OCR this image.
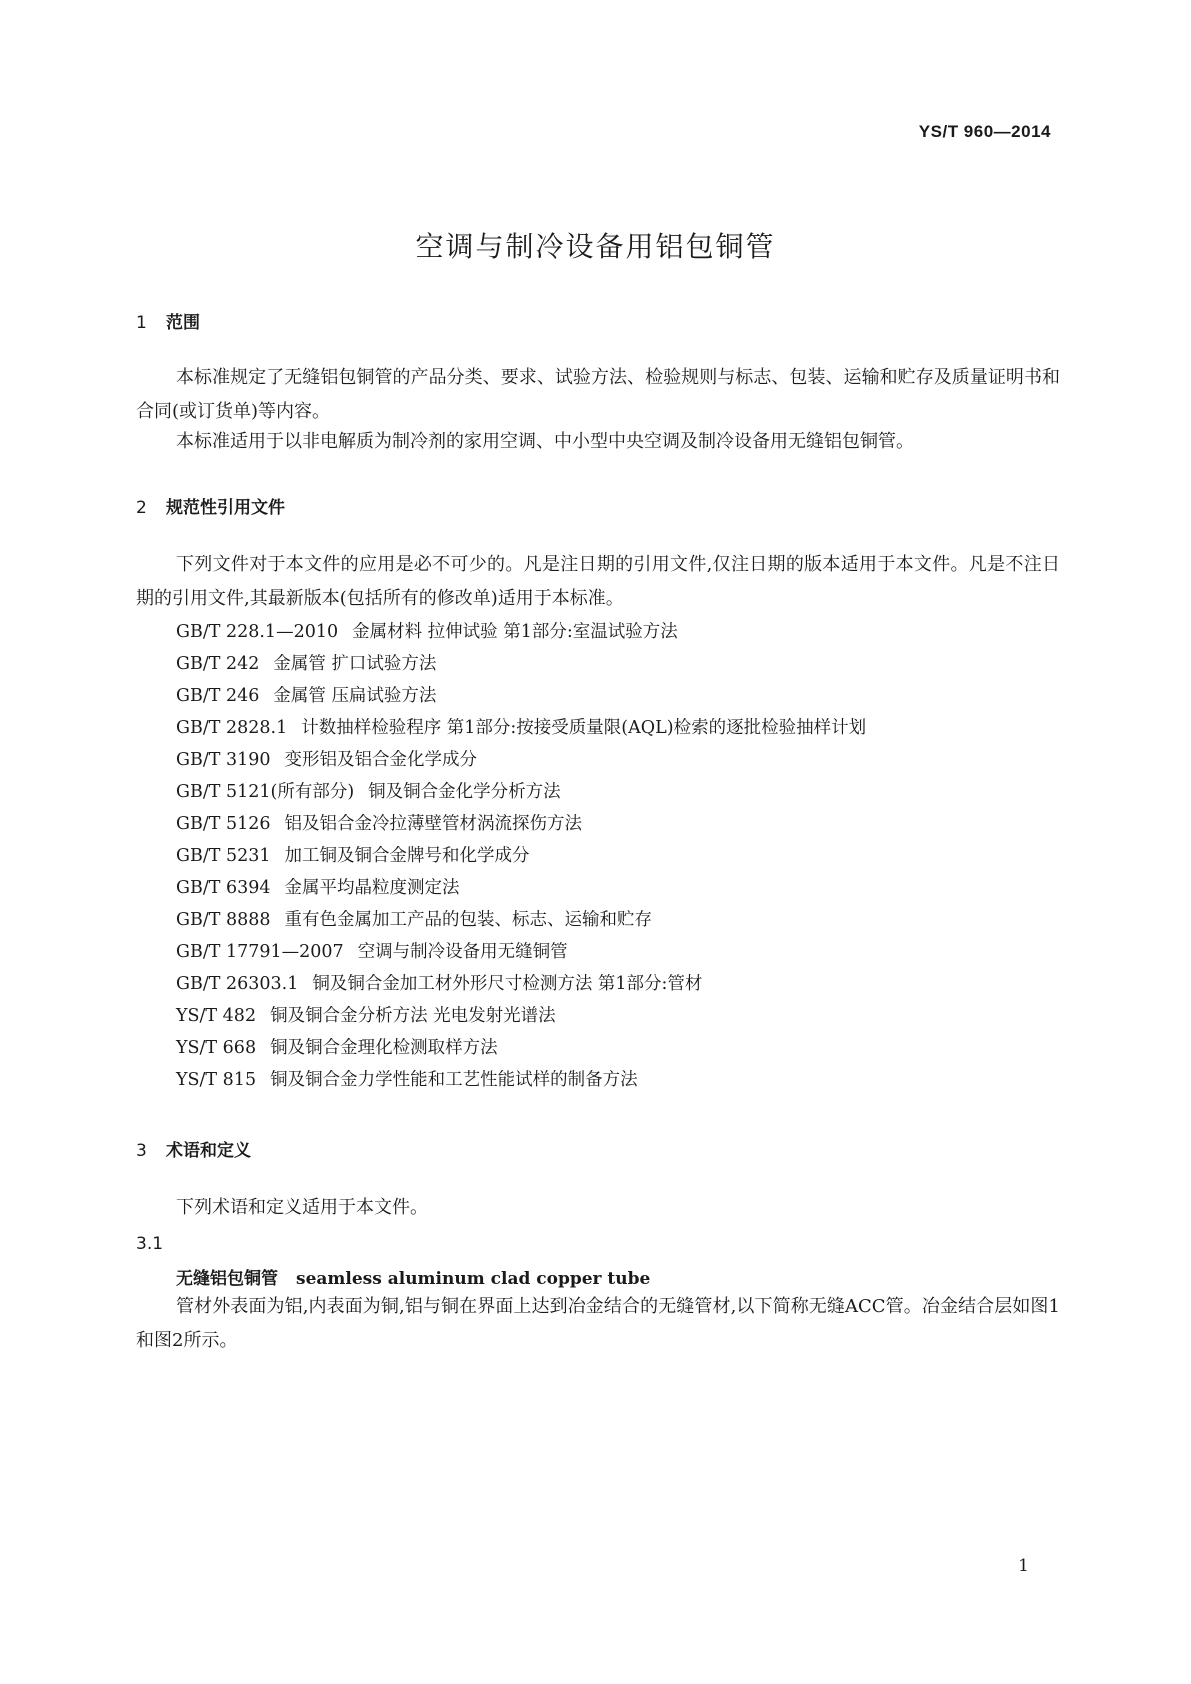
YS/T 960—2014
空调与制冷设备用铝包铜管
1 范围
本标准规定了无缝铝包铜管的产品分类、要求、试验方法、检验规则与标志、包装、运输和贮存及质量证明书和合同(或订货单)等内容。
本标准适用于以非电解质为制冷剂的家用空调、中小型中央空调及制冷设备用无缝铝包铜管。
2 规范性引用文件
下列文件对于本文件的应用是必不可少的。凡是注日期的引用文件,仅注日期的版本适用于本文件。凡是不注日期的引用文件,其最新版本(包括所有的修改单)适用于本标准。
GB/T 228.1—2010 金属材料 拉伸试验 第1部分:室温试验方法
GB/T 242 金属管 扩口试验方法
GB/T 246 金属管 压扁试验方法
GB/T 2828.1 计数抽样检验程序 第1部分:按接受质量限(AQL)检索的逐批检验抽样计划
GB/T 3190 变形铝及铝合金化学成分
GB/T 5121(所有部分) 铜及铜合金化学分析方法
GB/T 5126 铝及铝合金冷拉薄壁管材涡流探伤方法
GB/T 5231 加工铜及铜合金牌号和化学成分
GB/T 6394 金属平均晶粒度测定法
GB/T 8888 重有色金属加工产品的包装、标志、运输和贮存
GB/T 17791—2007 空调与制冷设备用无缝铜管
GB/T 26303.1 铜及铜合金加工材外形尺寸检测方法 第1部分:管材
YS/T 482 铜及铜合金分析方法 光电发射光谱法
YS/T 668 铜及铜合金理化检测取样方法
YS/T 815 铜及铜合金力学性能和工艺性能试样的制备方法
3 术语和定义
下列术语和定义适用于本文件。
3.1
无缝铝包铜管 seamless aluminum clad copper tube
管材外表面为铝,内表面为铜,铝与铜在界面上达到冶金结合的无缝管材,以下简称无缝ACC管。冶金结合层如图1和图2所示。
1
